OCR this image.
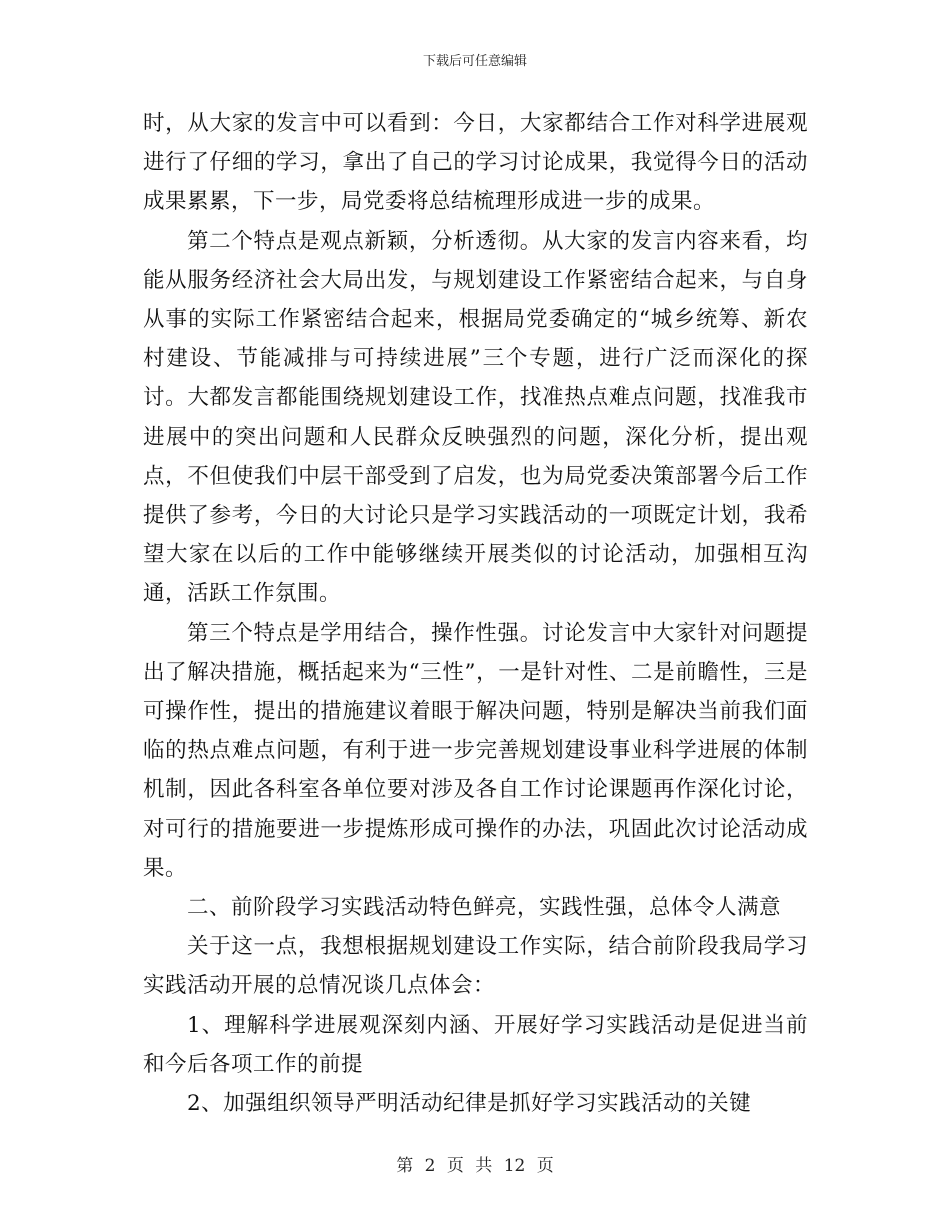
下载后可任意编辑

时，从大家的发言中可以看到：今日，大家都结合工作对科学进展观进行了仔细的学习，拿出了自己的学习讨论成果，我觉得今日的活动成果累累，下一步，局党委将总结梳理形成进一步的成果。

第二个特点是观点新颖，分析透彻。从大家的发言内容来看，均能从服务经济社会大局出发，与规划建设工作紧密结合起来，与自身从事的实际工作紧密结合起来，根据局党委确定的“城乡统筹、新农村建设、节能减排与可持续进展”三个专题，进行广泛而深化的探讨。大都发言都能围绕规划建设工作，找准热点难点问题，找准我市进展中的突出问题和人民群众反映强烈的问题，深化分析，提出观点，不但使我们中层干部受到了启发，也为局党委决策部署今后工作提供了参考，今日的大讨论只是学习实践活动的一项既定计划，我希望大家在以后的工作中能够继续开展类似的讨论活动，加强相互沟通，活跃工作氛围。

第三个特点是学用结合，操作性强。讨论发言中大家针对问题提出了解决措施，概括起来为“三性”，一是针对性、二是前瞻性，三是可操作性，提出的措施建议着眼于解决问题，特别是解决当前我们面临的热点难点问题，有利于进一步完善规划建设事业科学进展的体制机制，因此各科室各单位要对涉及各自工作讨论课题再作深化讨论，对可行的措施要进一步提炼形成可操作的办法，巩固此次讨论活动成果。

二、前阶段学习实践活动特色鲜亮，实践性强，总体令人满意

关于这一点，我想根据规划建设工作实际，结合前阶段我局学习实践活动开展的总情况谈几点体会：

1、理解科学进展观深刻内涵、开展好学习实践活动是促进当前和今后各项工作的前提

2、加强组织领导严明活动纪律是抓好学习实践活动的关键

第 2 页 共 12 页
